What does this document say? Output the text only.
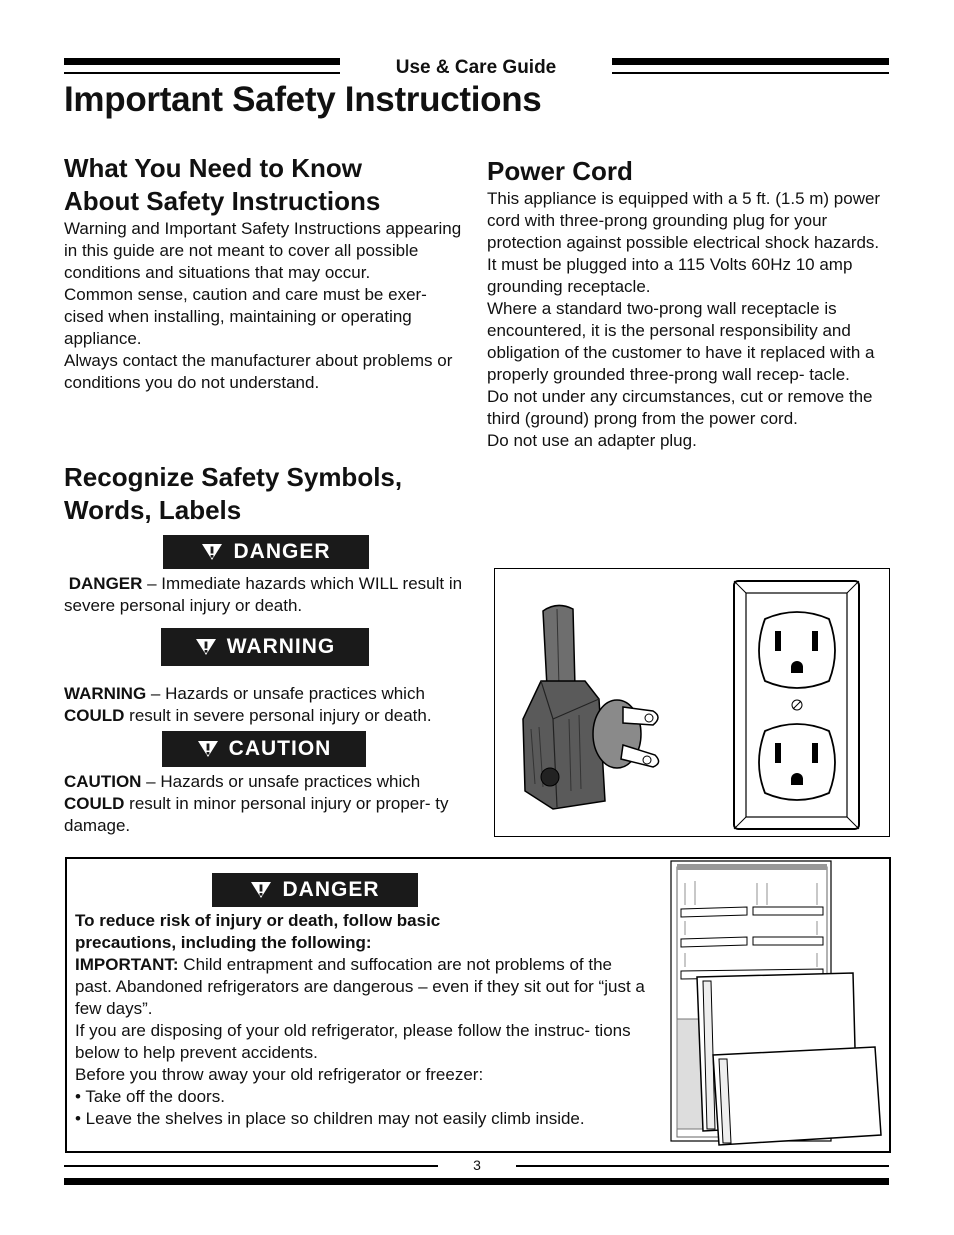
Use & Care Guide
Important Safety Instructions
What You Need to Know
About Safety Instructions

Warning and Important Safety Instructions appearing in this guide are not meant to cover all possible conditions and situations that may occur.

Common sense, caution and care must be exer- cised when installing, maintaining or operating appliance.

Always contact the manufacturer about problems or conditions you do not understand.

Recognize Safety Symbols,
Words, Labels
DANGER

DANGER – Immediate hazards which WILL result in severe personal injury or death.

WARNING

WARNING – Hazards or unsafe practices which COULD result in severe personal injury or death.

CAUTION

CAUTION – Hazards or unsafe practices which COULD result in minor personal injury or proper- ty damage.

Power Cord

This appliance is equipped with a 5 ft. (1.5 m) power cord with three-prong grounding plug for your protection against possible electrical shock hazards.

It must be plugged into a 115 Volts 60Hz 10 amp grounding receptacle.

Where a standard two-prong wall receptacle is encountered, it is the personal responsibility and obligation of the customer to have it replaced with a properly grounded three-prong wall recep- tacle.

Do not under any circumstances, cut or remove the third (ground) prong from the power cord.

Do not use an adapter plug.

DANGER

To reduce risk of injury or death, follow basic
precautions, including the following:

IMPORTANT: Child entrapment and suffocation are not problems of the past. Abandoned refrigerators are dangerous – even if they sit out for “just a few days”.

If you are disposing of your old refrigerator, please follow the instruc- tions below to help prevent accidents.

Before you throw away your old refrigerator or freezer:

• Take off the doors.

• Leave the shelves in place so children may not easily climb inside.

3
